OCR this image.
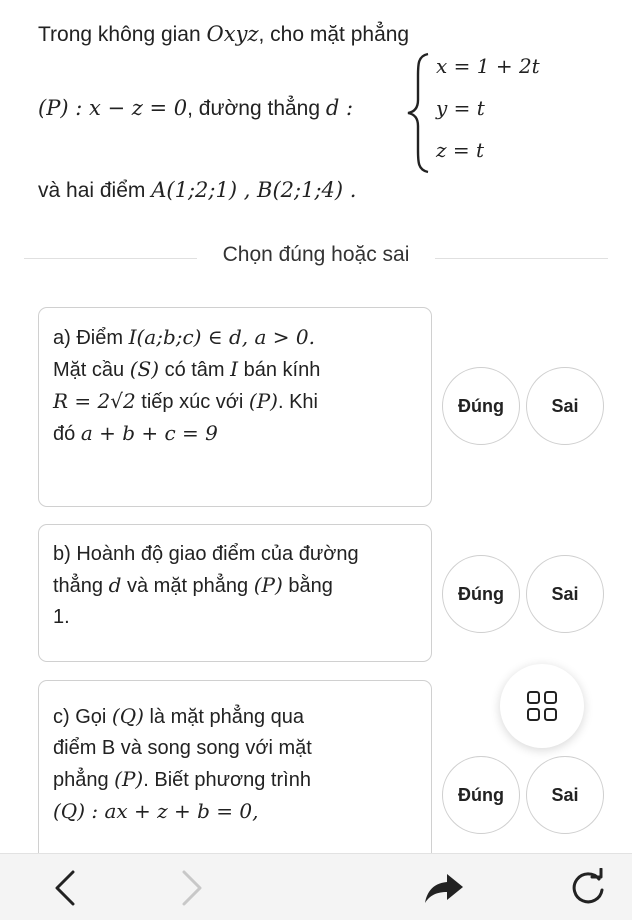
Trong không gian Oxyz, cho mặt phẳng
(P) : x − z = 0, đường thẳng d :
x = 1 + 2t
y = t
z = t
và hai điểm A(1;2;1) , B(2;1;4) .
Chọn đúng hoặc sai
a) Điểm I(a;b;c) ∈ d, a > 0.
Mặt cầu (S) có tâm I bán kính
R = 2√2 tiếp xúc với (P). Khi
đó a + b + c = 9
Đúng	Sai
b) Hoành độ giao điểm của đường
thẳng d và mặt phẳng (P) bằng
1.
Đúng	Sai
c) Gọi (Q) là mặt phẳng qua
điểm B và song song với mặt
phẳng (P). Biết phương trình
(Q) : ax + z + b = 0,
Đúng	Sai
